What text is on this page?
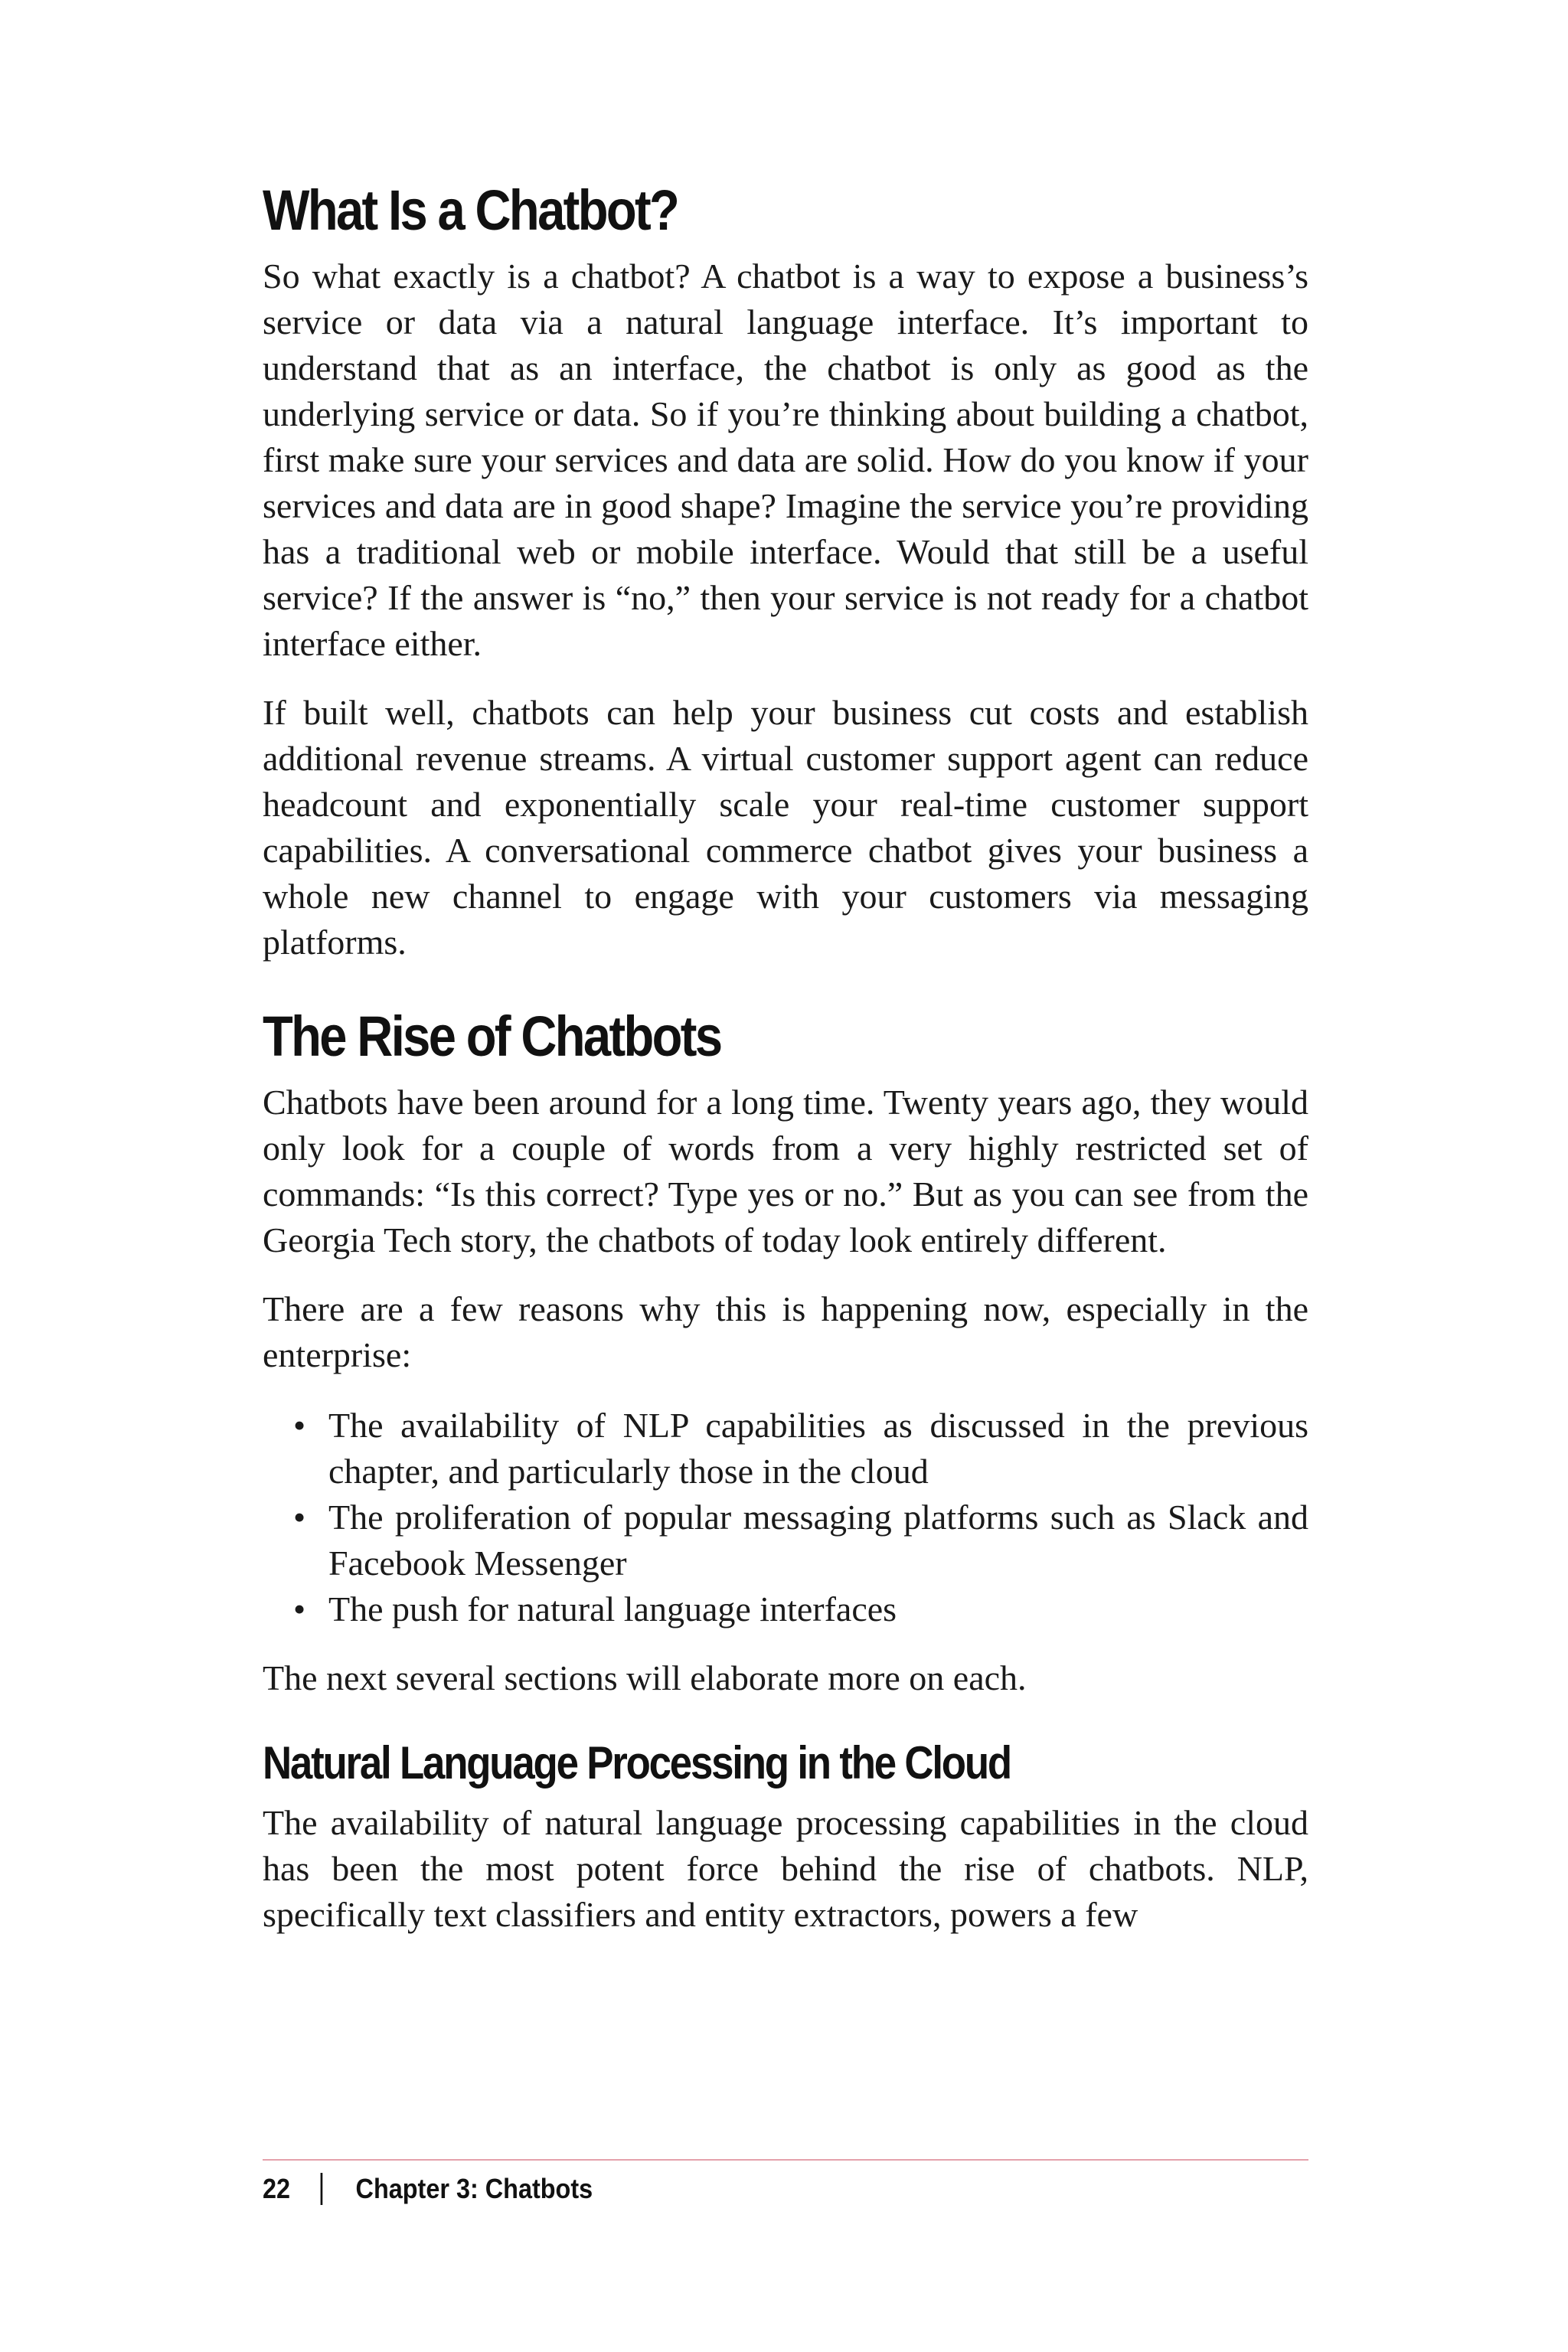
What Is a Chatbot?

So what exactly is a chatbot? A chatbot is a way to expose a business’s service or data via a natural language interface. It’s important to understand that as an interface, the chatbot is only as good as the underlying service or data. So if you’re thinking about building a chatbot, first make sure your services and data are solid. How do you know if your services and data are in good shape? Imagine the service you’re providing has a traditional web or mobile interface. Would that still be a useful service? If the answer is “no,” then your service is not ready for a chatbot interface either.

If built well, chatbots can help your business cut costs and establish additional revenue streams. A virtual customer support agent can reduce headcount and exponentially scale your real-time customer support capabilities. A conversational commerce chatbot gives your business a whole new channel to engage with your customers via messaging platforms.

The Rise of Chatbots

Chatbots have been around for a long time. Twenty years ago, they would only look for a couple of words from a very highly restricted set of commands: “Is this correct? Type yes or no.” But as you can see from the Georgia Tech story, the chatbots of today look entirely different.

There are a few reasons why this is happening now, especially in the enterprise:

• The availability of NLP capabilities as discussed in the previous chapter, and particularly those in the cloud
• The proliferation of popular messaging platforms such as Slack and Facebook Messenger
• The push for natural language interfaces

The next several sections will elaborate more on each.

Natural Language Processing in the Cloud

The availability of natural language processing capabilities in the cloud has been the most potent force behind the rise of chatbots. NLP, specifically text classifiers and entity extractors, powers a few

22 Chapter 3: Chatbots
